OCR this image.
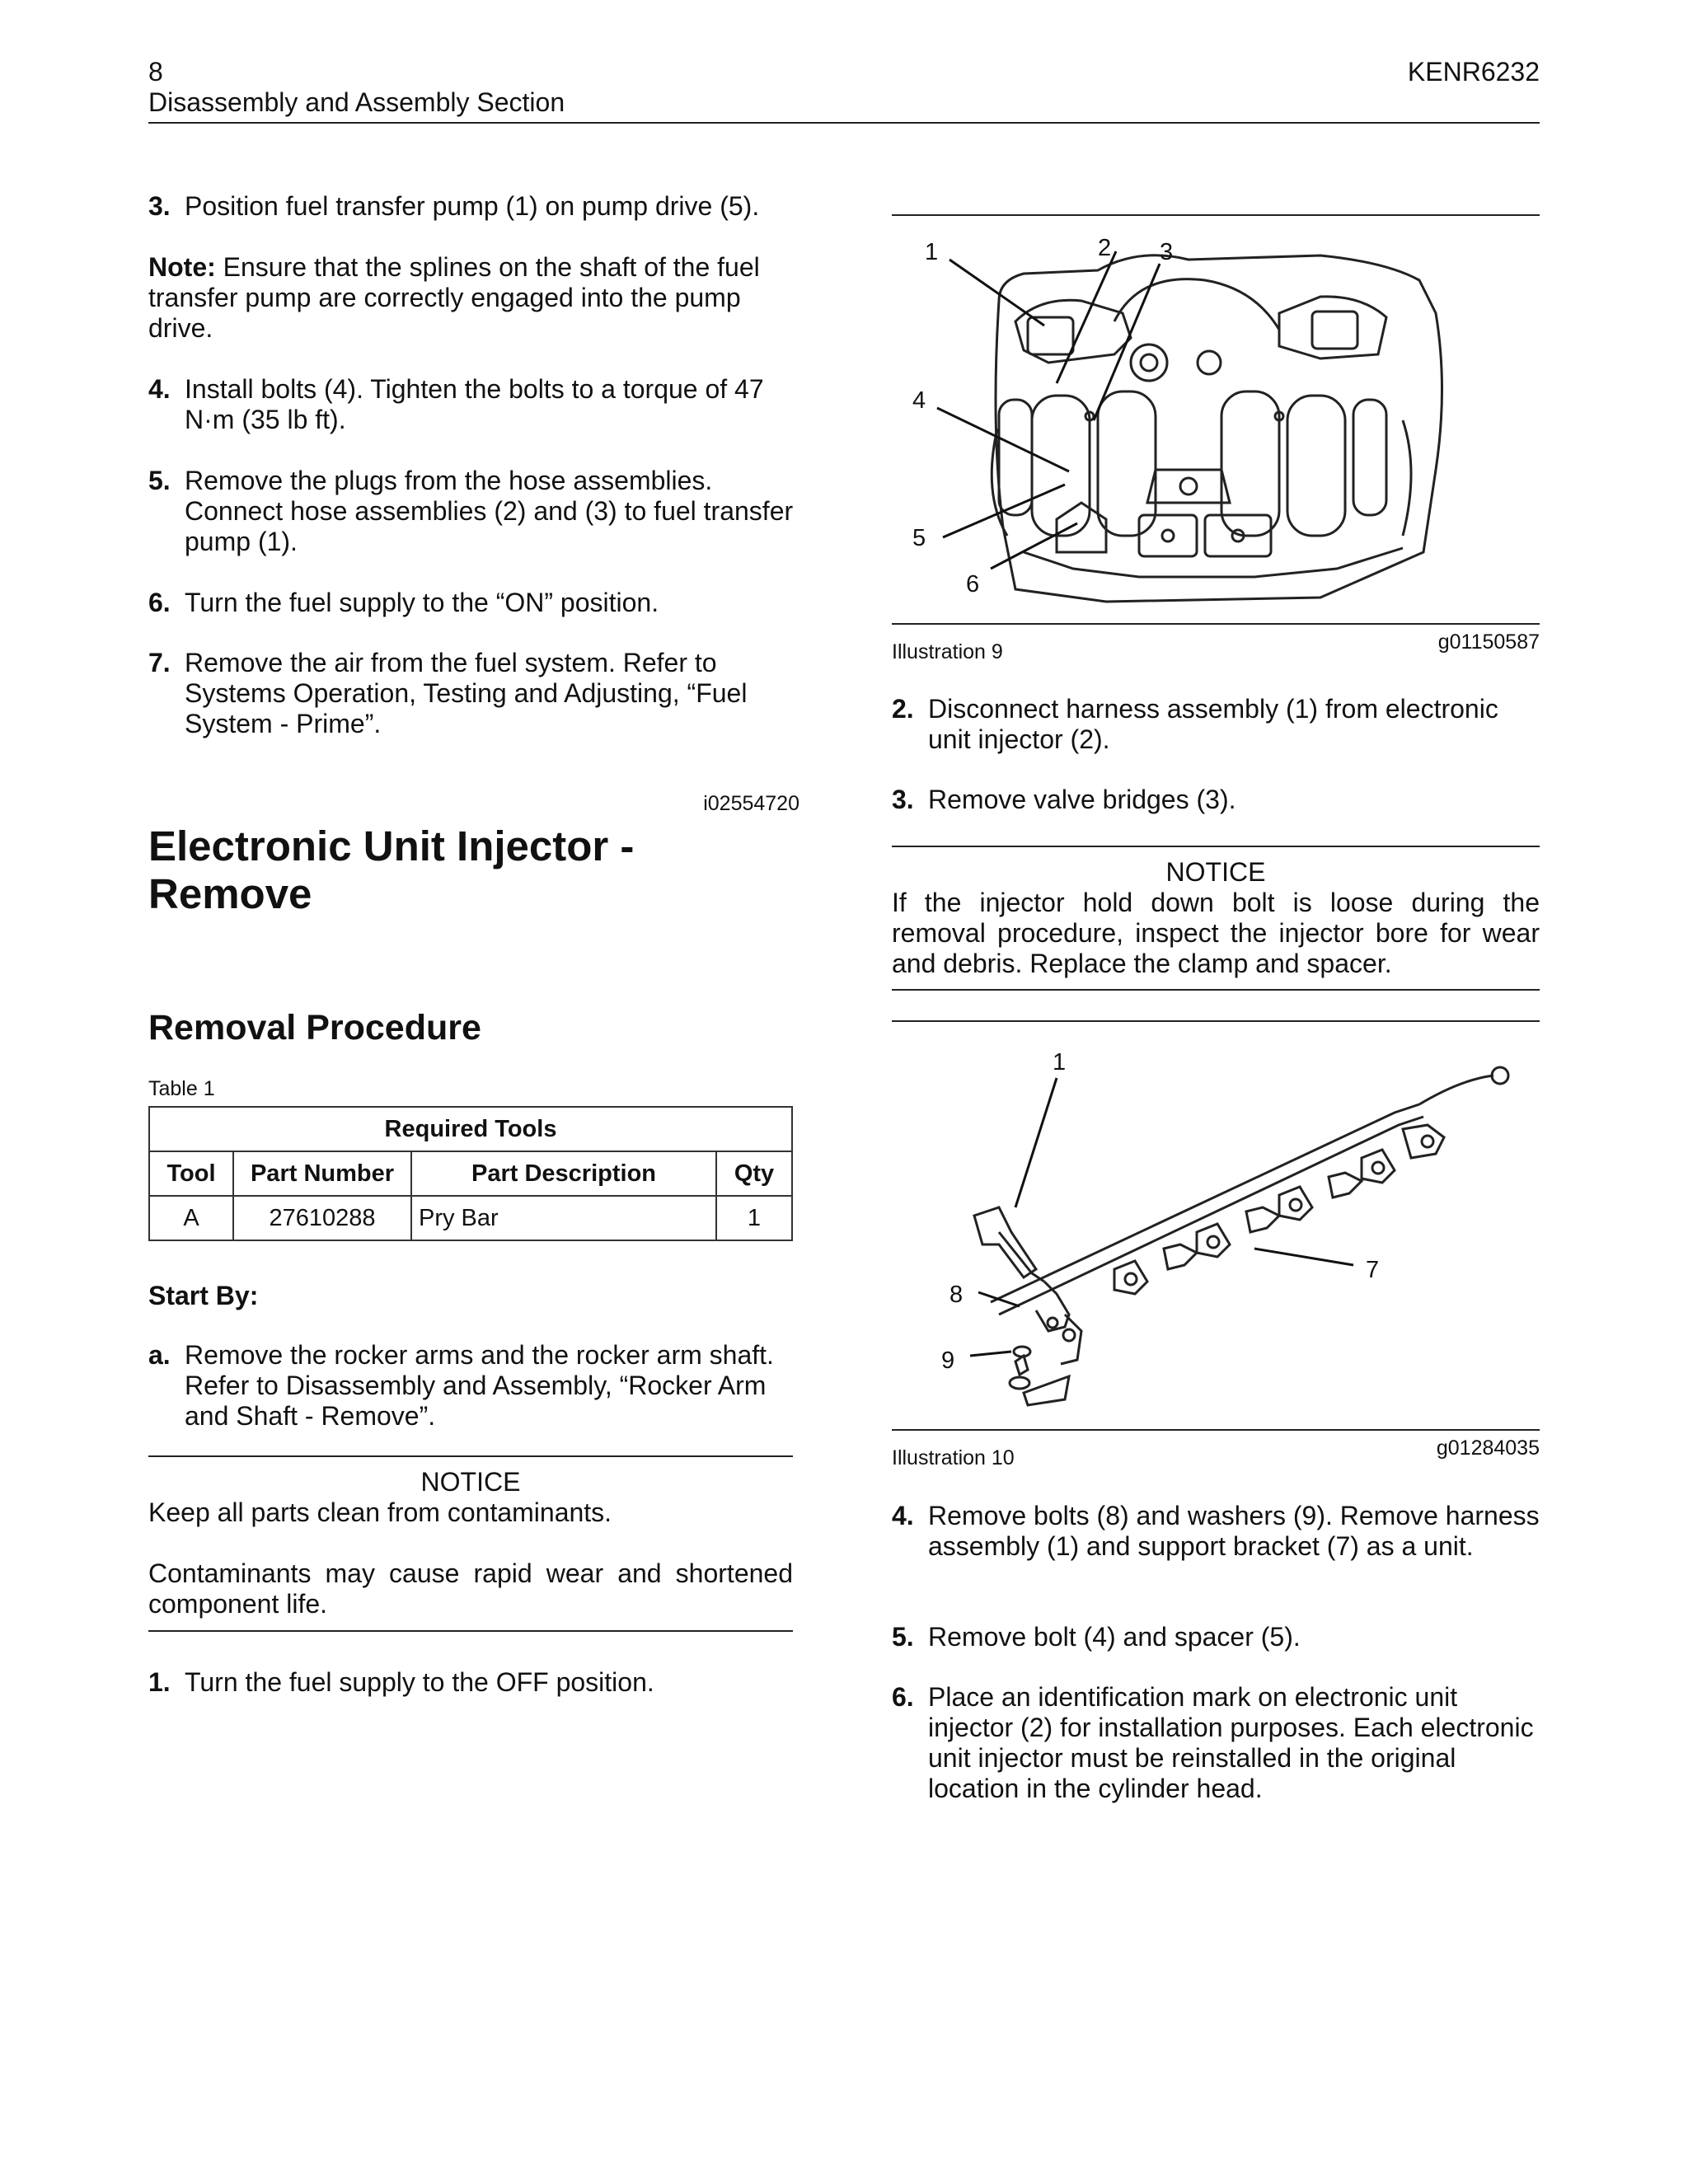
8	KENR6232
Disassembly and Assembly Section
3. Position fuel transfer pump (1) on pump drive (5).
Note: Ensure that the splines on the shaft of the fuel transfer pump are correctly engaged into the pump drive.
4. Install bolts (4). Tighten the bolts to a torque of 47 N·m (35 lb ft).
5. Remove the plugs from the hose assemblies. Connect hose assemblies (2) and (3) to fuel transfer pump (1).
6. Turn the fuel supply to the “ON” position.
7. Remove the air from the fuel system. Refer to Systems Operation, Testing and Adjusting, “Fuel System - Prime”.
i02554720
Electronic Unit Injector - Remove
Removal Procedure
Table 1
Required Tools			
Tool	Part Number	Part Description	Qty
A	27610288	Pry Bar	1
Start By:
a. Remove the rocker arms and the rocker arm shaft. Refer to Disassembly and Assembly, “Rocker Arm and Shaft - Remove”.
NOTICE
Keep all parts clean from contaminants.
Contaminants may cause rapid wear and shortened component life.
1. Turn the fuel supply to the OFF position.
1	2 3
4
5
6
Illustration 9	g01150587
2. Disconnect harness assembly (1) from electronic unit injector (2).
3. Remove valve bridges (3).
NOTICE
If the injector hold down bolt is loose during the removal procedure, inspect the injector bore for wear and debris. Replace the clamp and spacer.
1
7
8
9
Illustration 10	g01284035
4. Remove bolts (8) and washers (9). Remove harness assembly (1) and support bracket (7) as a unit.
5. Remove bolt (4) and spacer (5).
6. Place an identification mark on electronic unit injector (2) for installation purposes. Each electronic unit injector must be reinstalled in the original location in the cylinder head.
